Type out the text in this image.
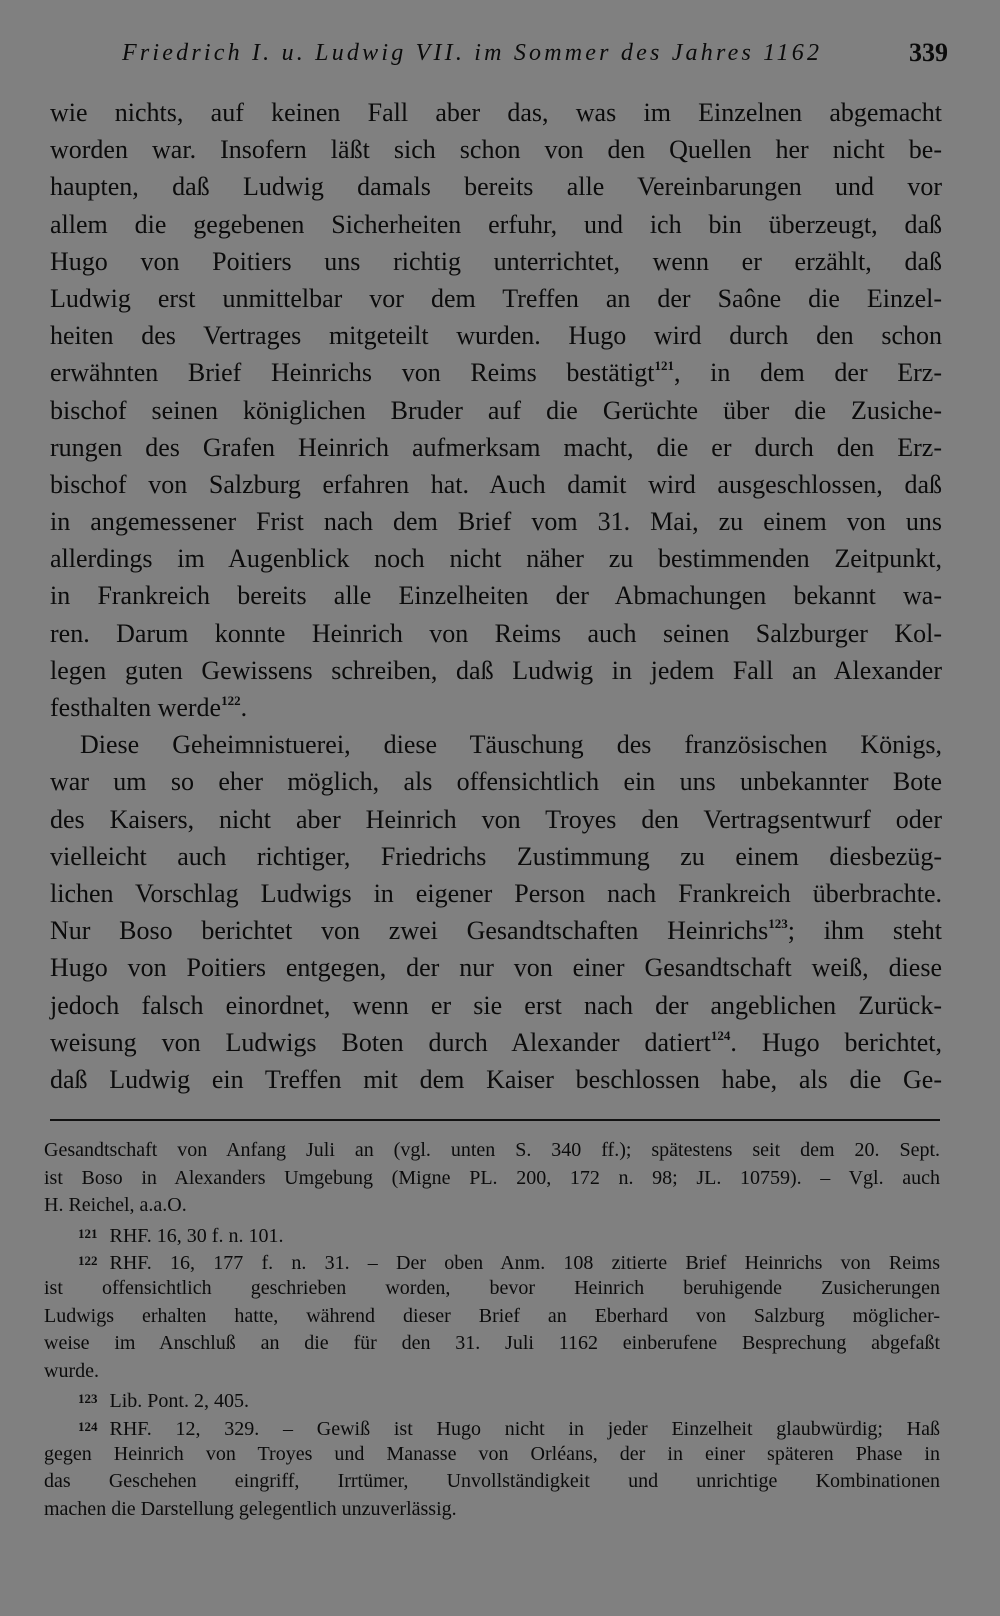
Friedrich I. u. Ludwig VII. im Sommer des Jahres 1162	339
wie nichts, auf keinen Fall aber das, was im Einzelnen abgemacht
worden war. Insofern läßt sich schon von den Quellen her nicht be-
haupten, daß Ludwig damals bereits alle Vereinbarungen und vor
allem die gegebenen Sicherheiten erfuhr, und ich bin überzeugt, daß
Hugo von Poitiers uns richtig unterrichtet, wenn er erzählt, daß
Ludwig erst unmittelbar vor dem Treffen an der Saône die Einzel-
heiten des Vertrages mitgeteilt wurden. Hugo wird durch den schon
erwähnten Brief Heinrichs von Reims bestätigt$^{121}$, in dem der Erz-
bischof seinen königlichen Bruder auf die Gerüchte über die Zusiche-
rungen des Grafen Heinrich aufmerksam macht, die er durch den Erz-
bischof von Salzburg erfahren hat. Auch damit wird ausgeschlossen, daß
in angemessener Frist nach dem Brief vom 31. Mai, zu einem von uns
allerdings im Augenblick noch nicht näher zu bestimmenden Zeitpunkt,
in Frankreich bereits alle Einzelheiten der Abmachungen bekannt wa-
ren. Darum konnte Heinrich von Reims auch seinen Salzburger Kol-
legen guten Gewissens schreiben, daß Ludwig in jedem Fall an Alexander
festhalten werde$^{122}$.
Diese Geheimnistuerei, diese Täuschung des französischen Königs,
war um so eher möglich, als offensichtlich ein uns unbekannter Bote
des Kaisers, nicht aber Heinrich von Troyes den Vertragsentwurf oder
vielleicht auch richtiger, Friedrichs Zustimmung zu einem diesbezüg-
lichen Vorschlag Ludwigs in eigener Person nach Frankreich überbrachte.
Nur Boso berichtet von zwei Gesandtschaften Heinrichs$^{123}$; ihm steht
Hugo von Poitiers entgegen, der nur von einer Gesandtschaft weiß, diese
jedoch falsch einordnet, wenn er sie erst nach der angeblichen Zurück-
weisung von Ludwigs Boten durch Alexander datiert$^{124}$. Hugo berichtet,
daß Ludwig ein Treffen mit dem Kaiser beschlossen habe, als die Ge-
Gesandtschaft von Anfang Juli an (vgl. unten S. 340 ff.); spätestens seit dem 20. Sept.
ist Boso in Alexanders Umgebung (Migne PL. 200, 172 n. 98; JL. 10759). – Vgl. auch
H. Reichel, a.a.O.
$^{121}$ RHF. 16, 30 f. n. 101.
$^{122}$ RHF. 16, 177 f. n. 31. – Der oben Anm. 108 zitierte Brief Heinrichs von Reims
ist offensichtlich geschrieben worden, bevor Heinrich beruhigende Zusicherungen
Ludwigs erhalten hatte, während dieser Brief an Eberhard von Salzburg möglicher-
weise im Anschluß an die für den 31. Juli 1162 einberufene Besprechung abgefaßt
wurde.
$^{123}$ Lib. Pont. 2, 405.
$^{124}$ RHF. 12, 329. – Gewiß ist Hugo nicht in jeder Einzelheit glaubwürdig; Haß
gegen Heinrich von Troyes und Manasse von Orléans, der in einer späteren Phase in
das Geschehen eingriff, Irrtümer, Unvollständigkeit und unrichtige Kombinationen
machen die Darstellung gelegentlich unzuverlässig.
